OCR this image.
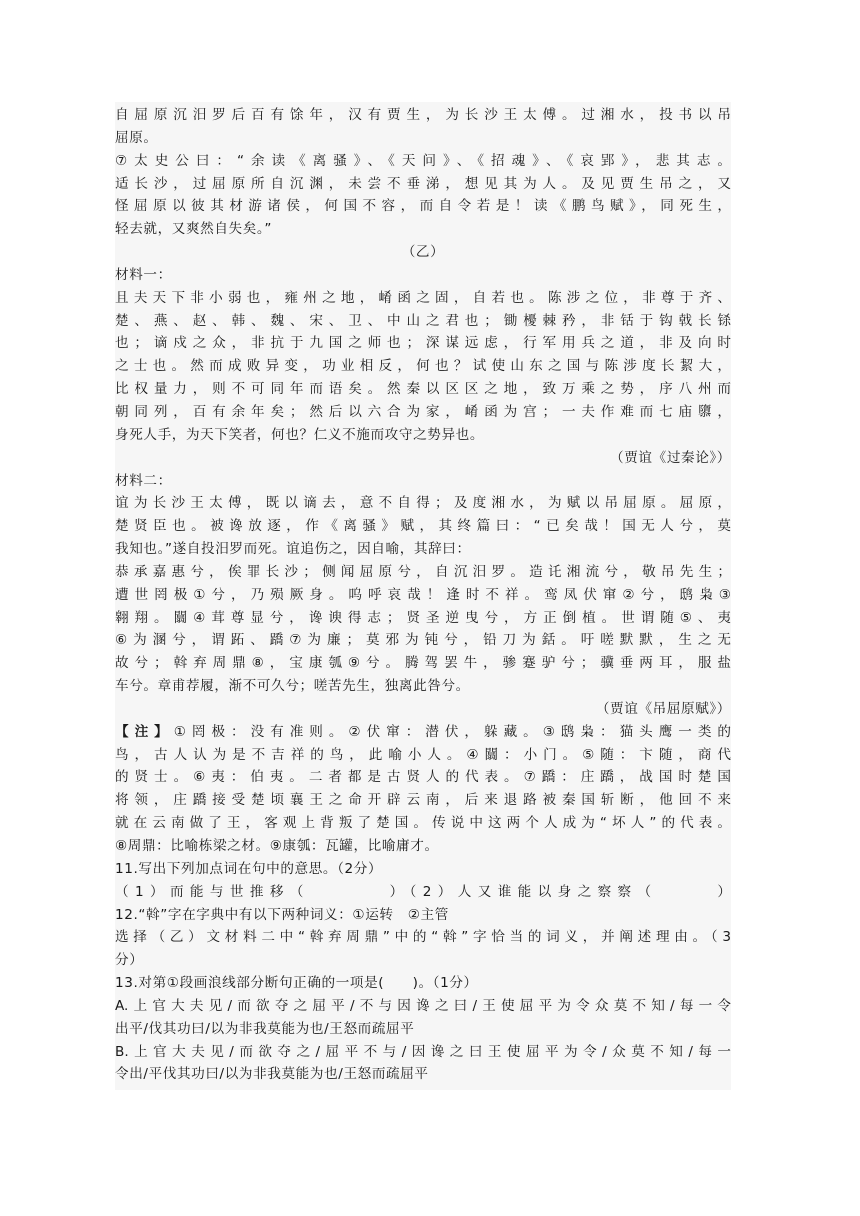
自屈原沉汨罗后百有馀年，汉有贾生，为长沙王太傅。过湘水，投书以吊
屈原。
⑦太史公曰：“余读《离骚》、《天问》、《招魂》、《哀郢》，悲其志。
适长沙，过屈原所自沉渊，未尝不垂涕，想见其为人。及见贾生吊之，又
怪屈原以彼其材游诸侯，何国不容，而自令若是！读《鹏鸟赋》，同死生，
轻去就，又爽然自失矣。”
（乙）
材料一：
且夫天下非小弱也，雍州之地，崤函之固，自若也。陈涉之位，非尊于齐、
楚、燕、赵、韩、魏、宋、卫、中山之君也；锄櫌棘矜，非铦于钩戟长铩
也；谪戍之众，非抗于九国之师也；深谋远虑，行军用兵之道，非及向时
之士也。然而成败异变，功业相反，何也？试使山东之国与陈涉度长絜大，
比权量力，则不可同年而语矣。然秦以区区之地，致万乘之势，序八州而
朝同列，百有余年矣；然后以六合为家，崤函为宫；一夫作难而七庙隳，
身死人手，为天下笑者，何也？仁义不施而攻守之势异也。
（贾谊《过秦论》）
材料二：
谊为长沙王太傅，既以谪去，意不自得；及度湘水，为赋以吊屈原。屈原，
楚贤臣也。被谗放逐，作《离骚》赋，其终篇曰：“已矣哉！国无人兮，莫
我知也。”遂自投汨罗而死。谊追伤之，因自喻，其辞曰：
恭承嘉惠兮，俟罪长沙；侧闻屈原兮，自沉汨罗。造讬湘流兮，敬吊先生；
遭世罔极①兮，乃殒厥身。呜呼哀哉！逢时不祥。鸾凤伏窜②兮，鸱枭③
翱翔。闒④茸尊显兮，谗谀得志；贤圣逆曳兮，方正倒植。世谓随⑤、夷
⑥为溷兮，谓跖、蹻⑦为廉；莫邪为钝兮，铅刀为銛。吁嗟默默，生之无
故兮；斡弃周鼎⑧，宝康瓠⑨兮。腾驾罢牛，骖蹇驴兮；骥垂两耳，服盐
车兮。章甫荐履，渐不可久兮；嗟苦先生，独离此咎兮。
（贾谊《吊屈原赋》）
【注】①罔极：没有准则。②伏窜：潜伏，躲藏。③鸱枭：猫头鹰一类的
鸟，古人认为是不吉祥的鸟，此喻小人。④闒：小门。⑤随：卞随，商代
的贤士。⑥夷：伯夷。二者都是古贤人的代表。⑦蹻：庄蹻，战国时楚国
将领，庄蹻接受楚顷襄王之命开辟云南，后来退路被秦国斩断，他回不来
就在云南做了王，客观上背叛了楚国。传说中这两个人成为“坏人”的代表。
⑧周鼎：比喻栋梁之材。⑨康瓠：瓦罐，比喻庸才。
11.写出下列加点词在句中的意思。（2分）
（1）而能与世推移（　　　　）（2）人又谁能以身之察察（　　　）
12.“斡”字在字典中有以下两种词义：①运转　②主管
选择（乙）文材料二中“斡弃周鼎”中的“斡”字恰当的词义，并阐述理由。（3
分）
13.对第①段画浪线部分断句正确的一项是(　　)。（1分）
A.上官大夫见/而欲夺之屈平/不与因谗之曰/王使屈平为令众莫不知/每一令
出平/伐其功曰/以为非我莫能为也/王怒而疏屈平
B.上官大夫见/而欲夺之/屈平不与/因谗之曰王使屈平为令/众莫不知/每一
令出/平伐其功曰/以为非我莫能为也/王怒而疏屈平
